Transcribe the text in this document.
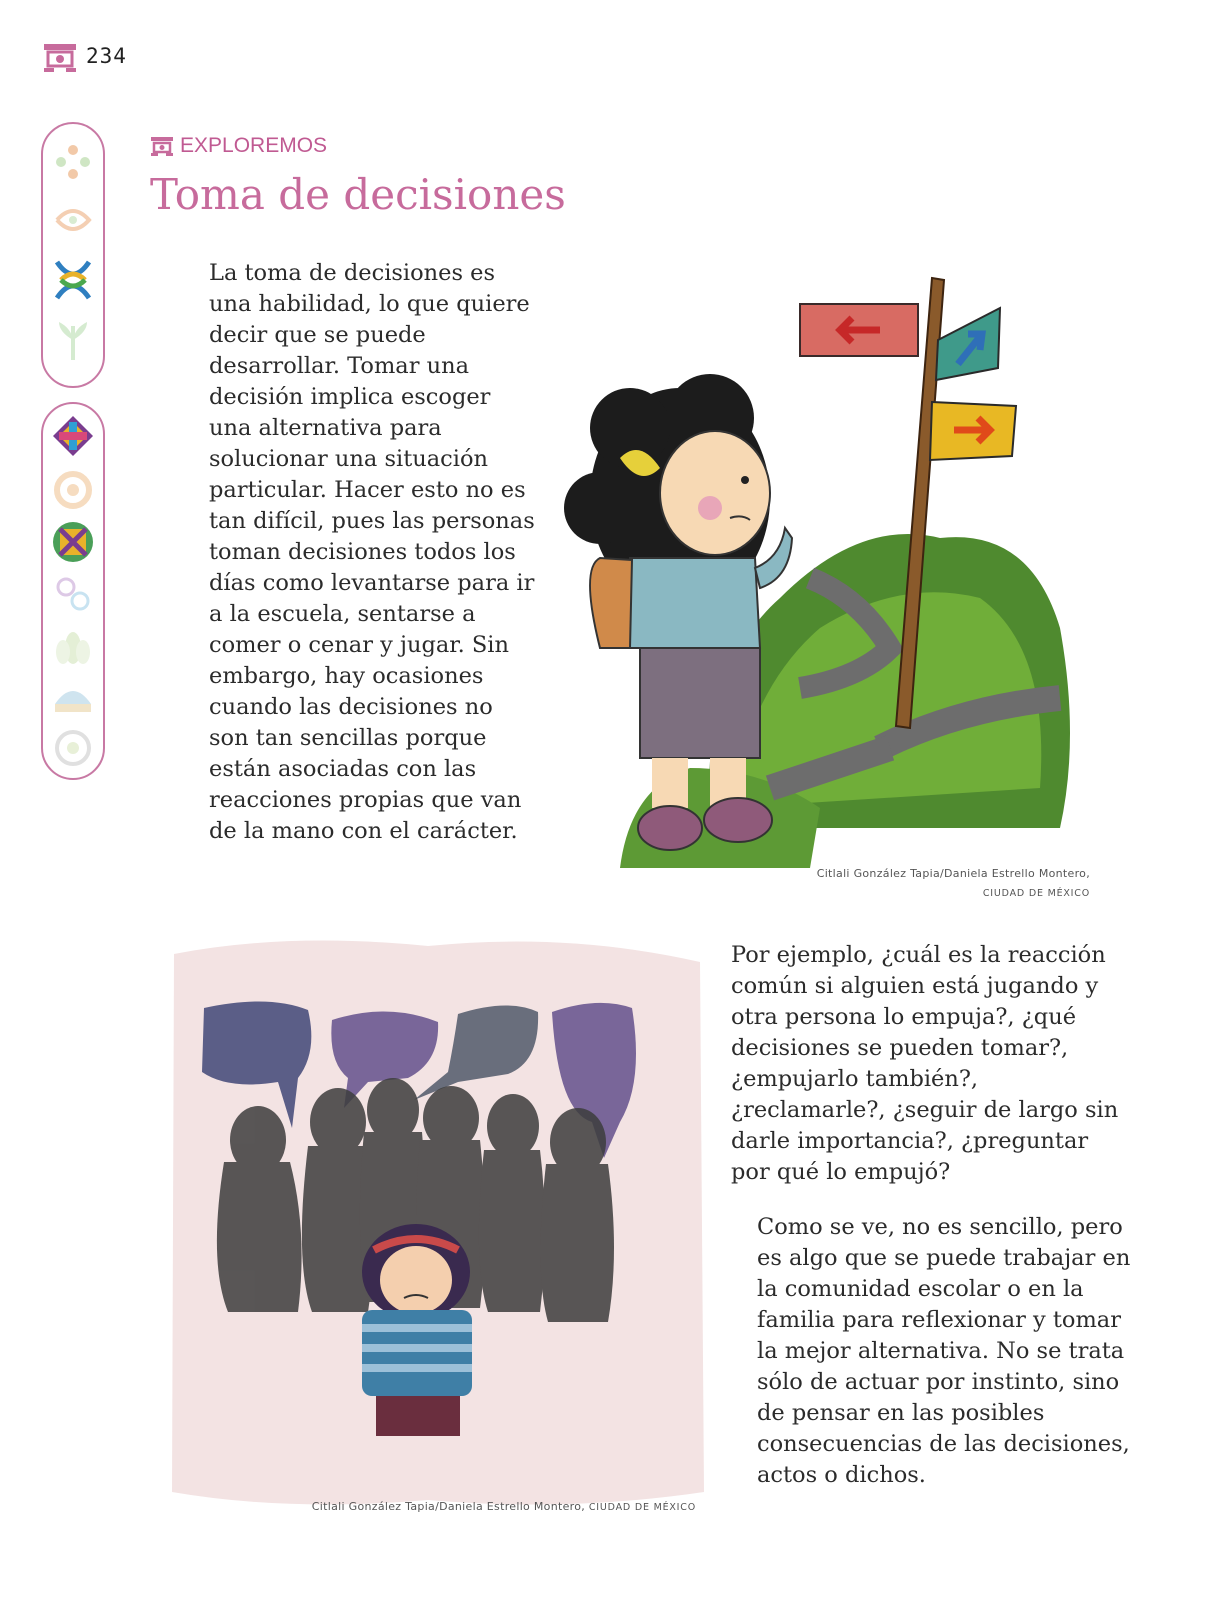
234
EXPLOREMOS
Toma de decisiones

La toma de decisiones es una habilidad, lo que quiere decir que se puede desarrollar. Tomar una decisión implica escoger una alternativa para solucionar una situación particular. Hacer esto no es tan difícil, pues las personas toman decisiones todos los días como levantarse para ir a la escuela, sentarse a comer o cenar y jugar. Sin embargo, hay ocasiones cuando las decisiones no son tan sencillas porque están asociadas con las reacciones propias que van de la mano con el carácter.

Por ejemplo, ¿cuál es la reacción común si alguien está jugando y otra persona lo empuja?, ¿qué decisiones se pueden tomar?, ¿empujarlo también?, ¿reclamarle?, ¿seguir de largo sin darle importancia?, ¿preguntar por qué lo empujó?

Como se ve, no es sencillo, pero es algo que se puede trabajar en la comunidad escolar o en la familia para reflexionar y tomar la mejor alternativa. No se trata sólo de actuar por instinto, sino de pensar en las posibles consecuencias de las decisiones, actos o dichos.

Citlali González Tapia/Daniela Estrello Montero,
CIUDAD DE MÉXICO
Citlali González Tapia/Daniela Estrello Montero, CIUDAD DE MÉXICO
